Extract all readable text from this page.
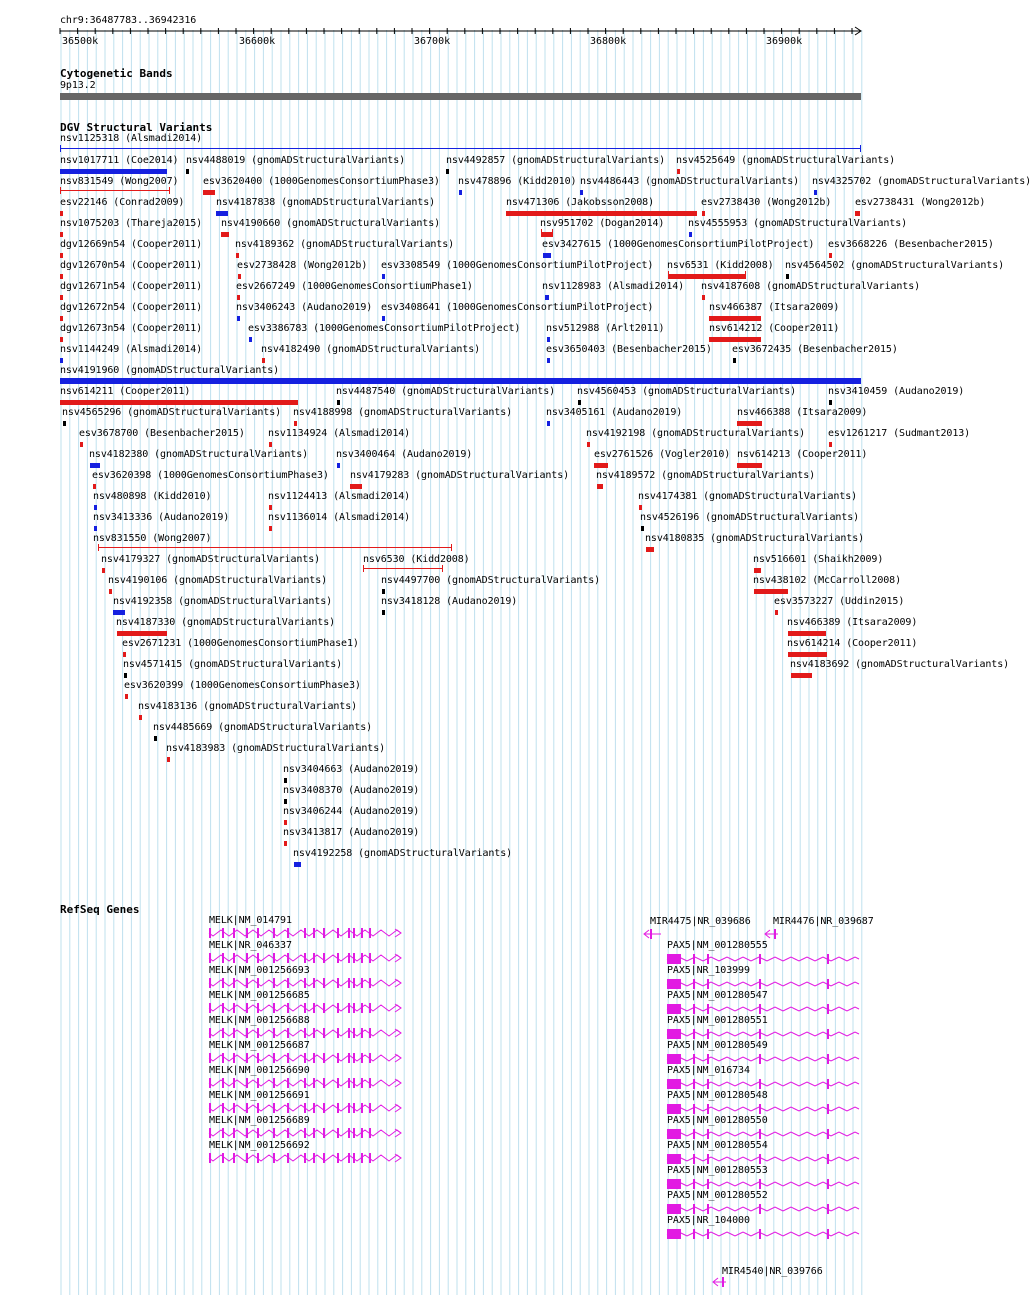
chr9:36487783..36942316
36500k	36600k	36700k	36800k	36900k
Cytogenetic Bands
9p13.2
DGV Structural Variants
nsv1125318 (Alsmadi2014)
nsv1017711 (Coe2014) nsv4488019 (gnomADStructuralVariants)	nsv4492857 (gnomADStructuralVariants) nsv4525649 (gnomADStructuralVariants)
nsv831549 (Wong2007) esv3620400 (1000GenomesConsortiumPhase3) nsv478896 (Kidd2010) nsv4486443 (gnomADStructuralVariants) nsv4325702 (gnomADStructuralVariants)
esv22146 (Conrad2009)	nsv4187838 (gnomADStructuralVariants)	nsv471306 (Jakobsson2008)	esv2738430 (Wong2012b) esv2738431 (Wong2012b)
nsv1075203 (Thareja2015) nsv4190660 (gnomADStructuralVariants)	nsv951702 (Dogan2014) nsv4555953 (gnomADStructuralVariants)
dgv12669n54 (Cooper2011)	nsv4189362 (gnomADStructuralVariants)	esv3427615 (1000GenomesConsortiumPilotProject) esv3668226 (Besenbacher2015)
dgv12670n54 (Cooper2011)	esv2738428 (Wong2012b) esv3308549 (1000GenomesConsortiumPilotProject) nsv6531 (Kidd2008) nsv4564502 (gnomADStructuralVariants)
dgv12671n54 (Cooper2011)	esv2667249 (1000GenomesConsortiumPhase1)	nsv1128983 (Alsmadi2014) nsv4187608 (gnomADStructuralVariants)
dgv12672n54 (Cooper2011)	nsv3406243 (Audano2019) esv3408641 (1000GenomesConsortiumPilotProject)	nsv466387 (Itsara2009)
dgv12673n54 (Cooper2011)	esv3386783 (1000GenomesConsortiumPilotProject)	nsv512988 (Arlt2011)	nsv614212 (Cooper2011)
nsv1144249 (Alsmadi2014)	nsv4182490 (gnomADStructuralVariants)	esv3650403 (Besenbacher2015) esv3672435 (Besenbacher2015)
nsv4191960 (gnomADStructuralVariants)
nsv614211 (Cooper2011)	nsv4487540 (gnomADStructuralVariants) nsv4560453 (gnomADStructuralVariants)	nsv3410459 (Audano2019)
nsv4565296 (gnomADStructuralVariants) nsv4188998 (gnomADStructuralVariants)	nsv3405161 (Audano2019)	nsv466388 (Itsara2009)
esv3678700 (Besenbacher2015) nsv1134924 (Alsmadi2014)	nsv4192198 (gnomADStructuralVariants) esv1261217 (Sudmant2013)
nsv4182380 (gnomADStructuralVariants)	nsv3400464 (Audano2019)	esv2761526 (Vogler2010) nsv614213 (Cooper2011)
esv3620398 (1000GenomesConsortiumPhase3) nsv4179283 (gnomADStructuralVariants)	nsv4189572 (gnomADStructuralVariants)
nsv480898 (Kidd2010)	nsv1124413 (Alsmadi2014)	nsv4174381 (gnomADStructuralVariants)
nsv3413336 (Audano2019)	nsv1136014 (Alsmadi2014)	nsv4526196 (gnomADStructuralVariants)
nsv831550 (Wong2007)	nsv4180835 (gnomADStructuralVariants)
nsv4179327 (gnomADStructuralVariants)	nsv6530 (Kidd2008)	nsv516601 (Shaikh2009)
nsv4190106 (gnomADStructuralVariants)	nsv4497700 (gnomADStructuralVariants)	nsv438102 (McCarroll2008)
nsv4192358 (gnomADStructuralVariants)	nsv3418128 (Audano2019)	esv3573227 (Uddin2015)
nsv4187330 (gnomADStructuralVariants)	nsv466389 (Itsara2009)
esv2671231 (1000GenomesConsortiumPhase1)	nsv614214 (Cooper2011)
nsv4571415 (gnomADStructuralVariants)	nsv4183692 (gnomADStructuralVariants)
esv3620399 (1000GenomesConsortiumPhase3)
nsv4183136 (gnomADStructuralVariants)
nsv4485669 (gnomADStructuralVariants)
nsv4183983 (gnomADStructuralVariants)
nsv3404663 (Audano2019)
nsv3408370 (Audano2019)
nsv3406244 (Audano2019)
nsv3413817 (Audano2019)
nsv4192258 (gnomADStructuralVariants)
RefSeq Genes
MELK|NM_014791
MELK|NR_046337
MELK|NM_001256693
MELK|NM_001256685
MELK|NM_001256688
MELK|NM_001256687
MELK|NM_001256690
MELK|NM_001256691
MELK|NM_001256689
MELK|NM_001256692
MIR4475|NR_039686 MIR4476|NR_039687
PAX5|NM_001280555
PAX5|NR_103999
PAX5|NM_001280547
PAX5|NM_001280551
PAX5|NM_001280549
PAX5|NM_016734
PAX5|NM_001280548
PAX5|NM_001280550
PAX5|NM_001280554
PAX5|NM_001280553
PAX5|NM_001280552
PAX5|NR_104000
MIR4540|NR_039766
